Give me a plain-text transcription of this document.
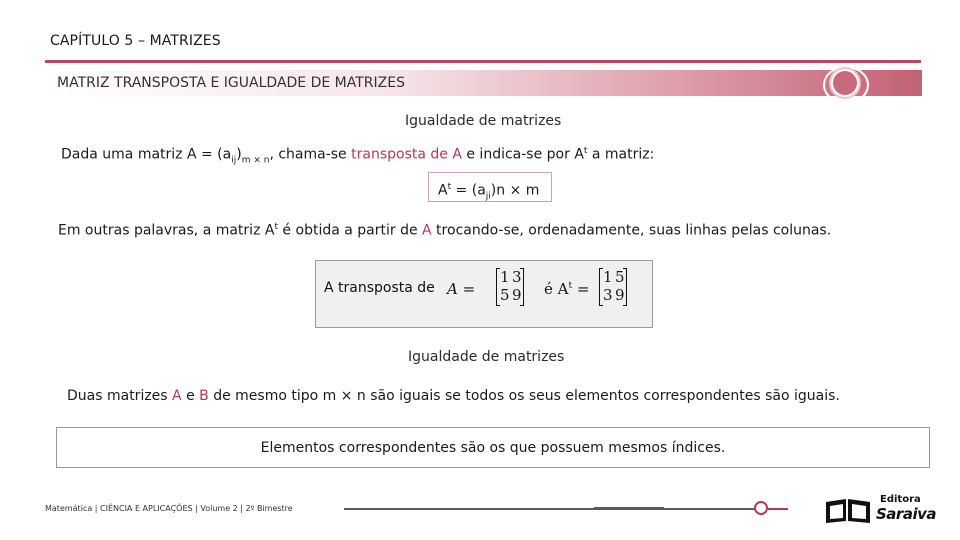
CAPÍTULO 5 – MATRIZES
MATRIZ TRANSPOSTA E IGUALDADE DE MATRIZES
Igualdade de matrizes
Dada uma matriz $A = (a_{ij})_{m \times n}$, chama-se transposta de A e indica-se por $A^t$ a matriz:
$A^t = (a_{ji})n \times m$
Em outras palavras, a matriz $A^t$ é obtida a partir de A trocando-se, ordenadamente, suas linhas pelas colunas.
A transposta de A =
1 3
5 9 é $A^t$ =
1 5
3 9
Igualdade de matrizes
Duas matrizes A e B de mesmo tipo m × n são iguais se todos os seus elementos correspondentes são iguais.
Elementos correspondentes são os que possuem mesmos índices.
Matemática | CIÊNCIA E APLICAÇÕES | Volume 2 | 2º Bimestre
Editora
Saraiva
